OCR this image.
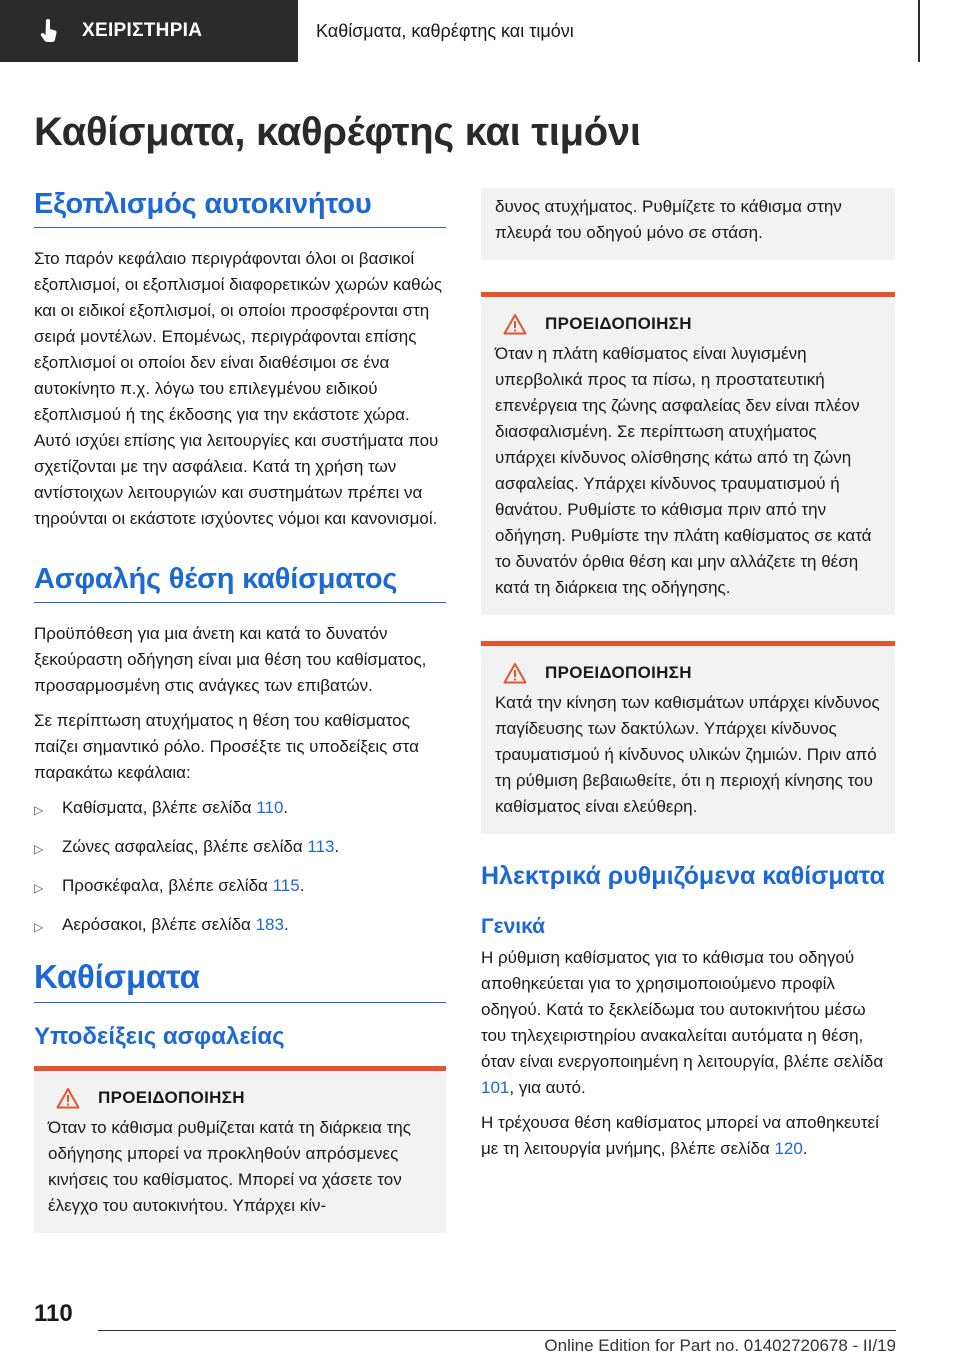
ΧΕΙΡΙΣΤΗΡΙΑ	Καθίσματα, καθρέφτης και τιμόνι
Καθίσματα, καθρέφτης και τιμόνι
Εξοπλισμός αυτοκινήτου

Στο παρόν κεφάλαιο περιγράφονται όλοι οι βασικοί εξοπλισμοί, οι εξοπλισμοί διαφορετικών χωρών καθώς και οι ειδικοί εξοπλισμοί, οι οποίοι προσφέρονται στη σειρά μοντέλων. Επομένως, περιγράφονται επίσης εξοπλισμοί οι οποίοι δεν είναι διαθέσιμοι σε ένα αυτοκίνητο π.χ. λόγω του επιλεγμένου ειδικού εξοπλισμού ή της έκδοσης για την εκάστοτε χώρα. Αυτό ισχύει επίσης για λειτουργίες και συστήματα που σχετίζονται με την ασφάλεια. Κατά τη χρήση των αντίστοιχων λειτουργιών και συστημάτων πρέπει να τηρούνται οι εκάστοτε ισχύοντες νόμοι και κανονισμοί.

Ασφαλής θέση καθίσματος

Προϋπόθεση για μια άνετη και κατά το δυνατόν ξεκούραστη οδήγηση είναι μια θέση του καθίσματος, προσαρμοσμένη στις ανάγκες των επιβατών.

Σε περίπτωση ατυχήματος η θέση του καθίσματος παίζει σημαντικό ρόλο. Προσέξτε τις υποδείξεις στα παρακάτω κεφάλαια:

▷	Καθίσματα, βλέπε σελίδα 110.
▷	Ζώνες ασφαλείας, βλέπε σελίδα 113.
▷	Προσκέφαλα, βλέπε σελίδα 115.
▷	Αερόσακοι, βλέπε σελίδα 183.
Καθίσματα
Υποδείξεις ασφαλείας
ΠΡΟΕΙΔΟΠΟΙΗΣΗ

Όταν το κάθισμα ρυθμίζεται κατά τη διάρκεια της οδήγησης μπορεί να προκληθούν απρόσμενες κινήσεις του καθίσματος. Μπορεί να χάσετε τον έλεγχο του αυτοκινήτου. Υπάρχει κίν-

δυνος ατυχήματος. Ρυθμίζετε το κάθισμα στην πλευρά του οδηγού μόνο σε στάση.

ΠΡΟΕΙΔΟΠΟΙΗΣΗ

Όταν η πλάτη καθίσματος είναι λυγισμένη υπερβολικά προς τα πίσω, η προστατευτική επενέργεια της ζώνης ασφαλείας δεν είναι πλέον διασφαλισμένη. Σε περίπτωση ατυχήματος υπάρχει κίνδυνος ολίσθησης κάτω από τη ζώνη ασφαλείας. Υπάρχει κίνδυνος τραυματισμού ή θανάτου. Ρυθμίστε το κάθισμα πριν από την οδήγηση. Ρυθμίστε την πλάτη καθίσματος σε κατά το δυνατόν όρθια θέση και μην αλλάζετε τη θέση κατά τη διάρκεια της οδήγησης.

ΠΡΟΕΙΔΟΠΟΙΗΣΗ

Κατά την κίνηση των καθισμάτων υπάρχει κίνδυνος παγίδευσης των δακτύλων. Υπάρχει κίνδυνος τραυματισμού ή κίνδυνος υλικών ζημιών. Πριν από τη ρύθμιση βεβαιωθείτε, ότι η περιοχή κίνησης του καθίσματος είναι ελεύθερη.

Ηλεκτρικά ρυθμιζόμενα καθίσματα
Γενικά

Η ρύθμιση καθίσματος για το κάθισμα του οδηγού αποθηκεύεται για το χρησιμοποιούμενο προφίλ οδηγού. Κατά το ξεκλείδωμα του αυτοκινήτου μέσω του τηλεχειριστηρίου ανακαλείται αυτόματα η θέση, όταν είναι ενεργοποιημένη η λειτουργία, βλέπε σελίδα 101, για αυτό.

Η τρέχουσα θέση καθίσματος μπορεί να αποθηκευτεί με τη λειτουργία μνήμης, βλέπε σελίδα 120.

110
Online Edition for Part no. 01402720678 - II/19
